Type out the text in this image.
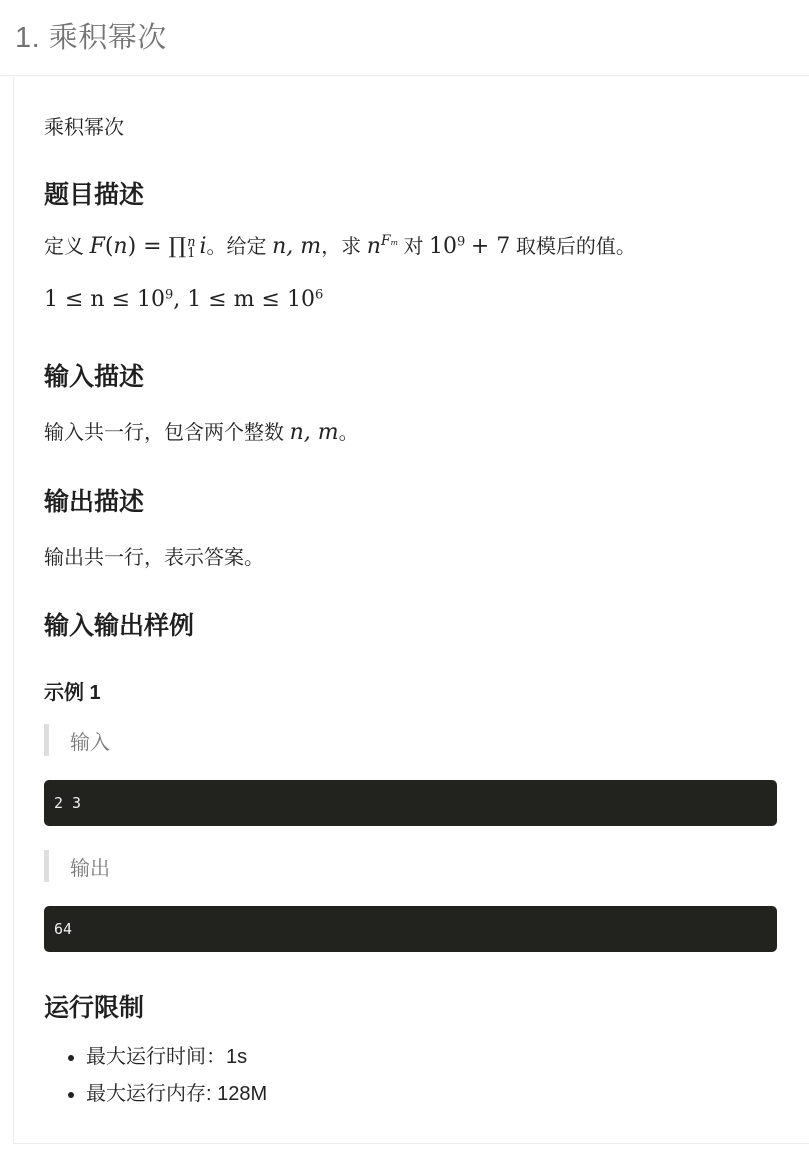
1. 乘积幂次
乘积幂次
题目描述
定义 F(n) = ∏ n
1 i。给定 n, m，求 $n^{Fm}$ 对 $10^9 + 7$ 取模后的值。
$1 \le n \le 10^9$, $1 \le m \le 10^6$
输入描述
输入共一行，包含两个整数 n, m。
输出描述
输出共一行，表示答案。
输入输出样例
示例 1
输入
2 3
输出
64
运行限制
• 最大运行时间：1s
• 最大运行内存: 128M
